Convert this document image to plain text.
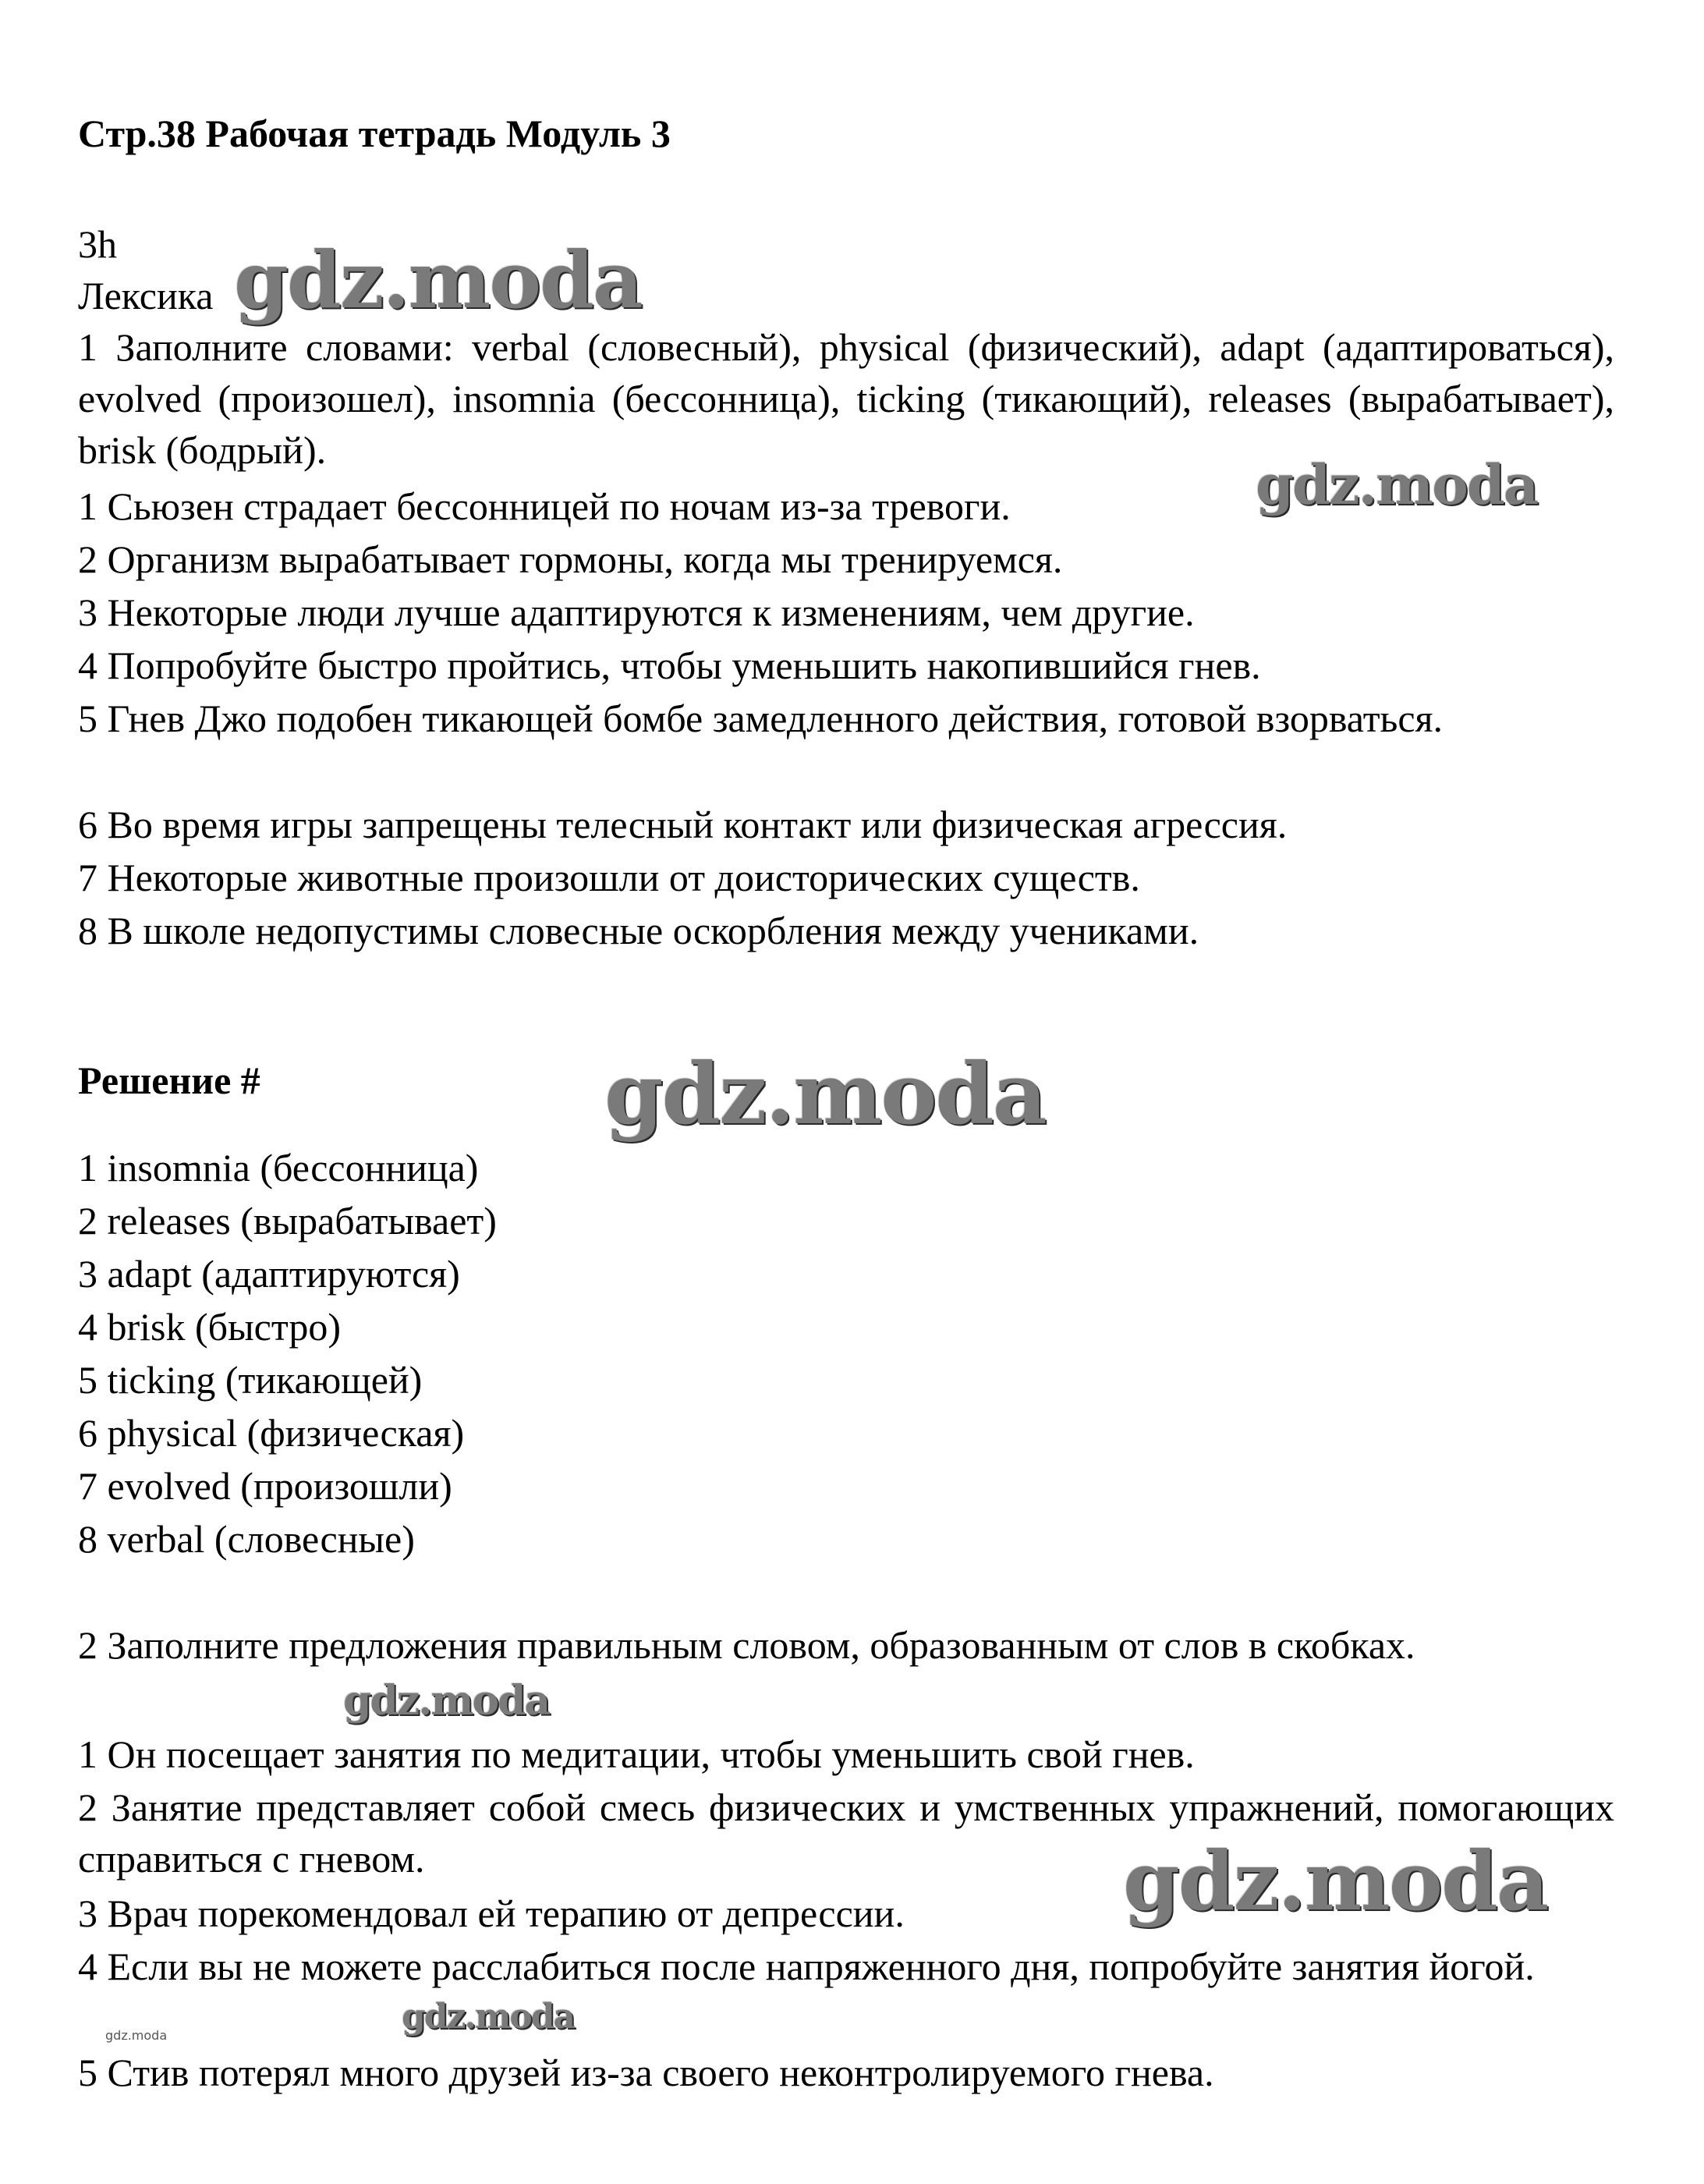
Стр.38 Рабочая тетрадь Модуль 3
3h
Лексика
1 Заполните словами: verbal (словесный), physical (физический), adapt (адаптироваться), evolved (произошел), insomnia (бессонница), ticking (тикающий), releases (вырабатывает), brisk (бодрый).
1 Сьюзен страдает бессонницей по ночам из-за тревоги.
2 Организм вырабатывает гормоны, когда мы тренируемся.
3 Некоторые люди лучше адаптируются к изменениям, чем другие.
4 Попробуйте быстро пройтись, чтобы уменьшить накопившийся гнев.
5 Гнев Джо подобен тикающей бомбе замедленного действия, готовой взорваться.
6 Во время игры запрещены телесный контакт или физическая агрессия.
7 Некоторые животные произошли от доисторических существ.
8 В школе недопустимы словесные оскорбления между учениками.
Решение #
1 insomnia (бессонница)
2 releases (вырабатывает)
3 adapt (адаптируются)
4 brisk (быстро)
5 ticking (тикающей)
6 physical (физическая)
7 evolved (произошли)
8 verbal (словесные)
2 Заполните предложения правильным словом, образованным от слов в скобках.
1 Он посещает занятия по медитации, чтобы уменьшить свой гнев.
2 Занятие представляет собой смесь физических и умственных упражнений, помогающих справиться с гневом.
3 Врач порекомендовал ей терапию от депрессии.
4 Если вы не можете расслабиться после напряженного дня, попробуйте занятия йогой.
5 Стив потерял много друзей из-за своего неконтролируемого гнева.
gdz.moda
gdz.moda
gdz.moda
gdz.moda
gdz.moda
gdz.moda
gdz.moda
